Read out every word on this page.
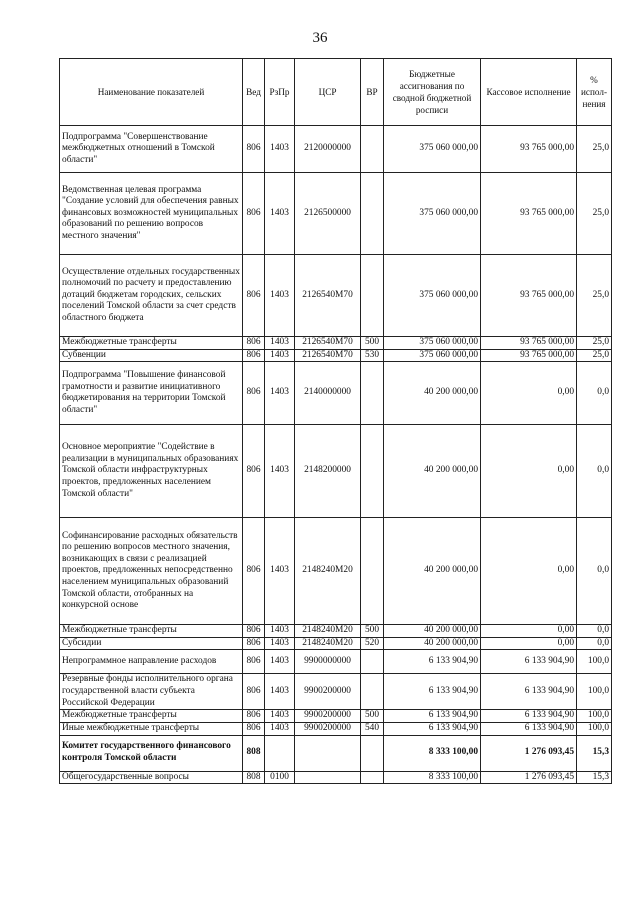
36
Наименование показателей	Вед	РзПр	ЦСР	ВР	Бюджетные ассигнования по сводной бюджетной росписи	Кассовое исполнение	% испол-нения
Подпрограмма "Совершенствование межбюджетных отношений в Томской области"	806	1403	2120000000		375 060 000,00	93 765 000,00	25,0
Ведомственная целевая программа "Создание условий для обеспечения равных финансовых возможностей муниципальных образований по решению вопросов местного значения"	806	1403	2126500000		375 060 000,00	93 765 000,00	25,0
Осуществление отдельных государственных полномочий по расчету и предоставлению дотаций бюджетам городских, сельских поселений Томской области за счет средств областного бюджета	806	1403	2126540М70		375 060 000,00	93 765 000,00	25,0
Межбюджетные трансферты	806	1403	2126540М70	500	375 060 000,00	93 765 000,00	25,0
Субвенции	806	1403	2126540М70	530	375 060 000,00	93 765 000,00	25,0
Подпрограмма "Повышение финансовой грамотности и развитие инициативного бюджетирования на территории Томской области"	806	1403	2140000000		40 200 000,00	0,00	0,0
Основное мероприятие "Содействие в реализации в муниципальных образованиях Томской области инфраструктурных проектов, предложенных населением Томской области"	806	1403	2148200000		40 200 000,00	0,00	0,0
Софинансирование расходных обязательств по решению вопросов местного значения, возникающих в связи с реализацией проектов, предложенных непосредственно населением муниципальных образований Томской области, отобранных на конкурсной основе	806	1403	2148240М20		40 200 000,00	0,00	0,0
Межбюджетные трансферты	806	1403	2148240М20	500	40 200 000,00	0,00	0,0
Субсидии	806	1403	2148240М20	520	40 200 000,00	0,00	0,0
Непрограммное направление расходов	806	1403	9900000000		6 133 904,90	6 133 904,90	100,0
Резервные фонды исполнительного органа государственной власти субъекта Российской Федерации	806	1403	9900200000		6 133 904,90	6 133 904,90	100,0
Межбюджетные трансферты	806	1403	9900200000	500	6 133 904,90	6 133 904,90	100,0
Иные межбюджетные трансферты	806	1403	9900200000	540	6 133 904,90	6 133 904,90	100,0
Комитет государственного финансового контроля Томской области	808				8 333 100,00	1 276 093,45	15,3
Общегосударственные вопросы	808	0100			8 333 100,00	1 276 093,45	15,3
